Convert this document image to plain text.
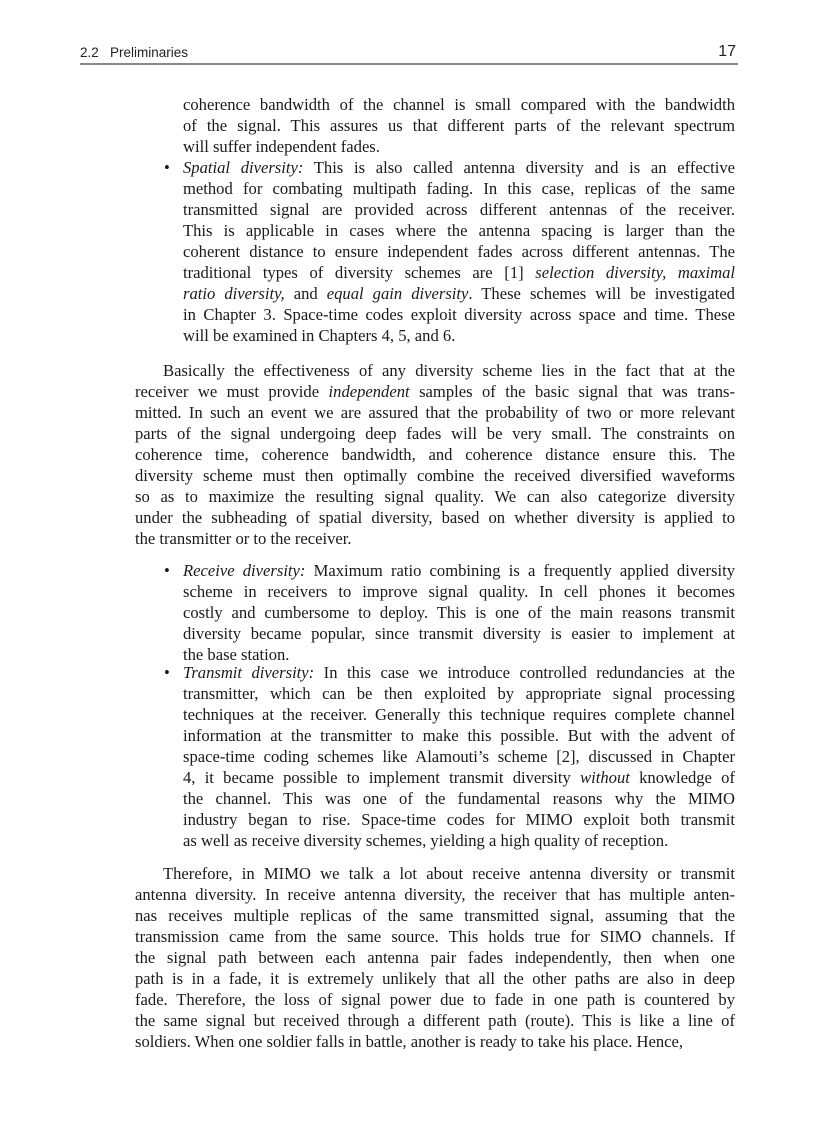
2.2   Preliminaries	17
coherence bandwidth of the channel is small compared with the bandwidth
of the signal. This assures us that different parts of the relevant spectrum
will suffer independent fades.
• Spatial diversity: This is also called antenna diversity and is an effective
method for combating multipath fading. In this case, replicas of the same
transmitted signal are provided across different antennas of the receiver.
This is applicable in cases where the antenna spacing is larger than the
coherent distance to ensure independent fades across different antennas. The
traditional types of diversity schemes are [1] selection diversity, maximal
ratio diversity, and equal gain diversity. These schemes will be investigated
in Chapter 3. Space-time codes exploit diversity across space and time. These
will be examined in Chapters 4, 5, and 6.
Basically the effectiveness of any diversity scheme lies in the fact that at the
receiver we must provide independent samples of the basic signal that was trans-
mitted. In such an event we are assured that the probability of two or more relevant
parts of the signal undergoing deep fades will be very small. The constraints on
coherence time, coherence bandwidth, and coherence distance ensure this. The
diversity scheme must then optimally combine the received diversified waveforms
so as to maximize the resulting signal quality. We can also categorize diversity
under the subheading of spatial diversity, based on whether diversity is applied to
the transmitter or to the receiver.
• Receive diversity: Maximum ratio combining is a frequently applied diversity
scheme in receivers to improve signal quality. In cell phones it becomes
costly and cumbersome to deploy. This is one of the main reasons transmit
diversity became popular, since transmit diversity is easier to implement at
the base station.
• Transmit diversity: In this case we introduce controlled redundancies at the
transmitter, which can be then exploited by appropriate signal processing
techniques at the receiver. Generally this technique requires complete channel
information at the transmitter to make this possible. But with the advent of
space-time coding schemes like Alamouti’s scheme [2], discussed in Chapter
4, it became possible to implement transmit diversity without knowledge of
the channel. This was one of the fundamental reasons why the MIMO
industry began to rise. Space-time codes for MIMO exploit both transmit
as well as receive diversity schemes, yielding a high quality of reception.
Therefore, in MIMO we talk a lot about receive antenna diversity or transmit
antenna diversity. In receive antenna diversity, the receiver that has multiple anten-
nas receives multiple replicas of the same transmitted signal, assuming that the
transmission came from the same source. This holds true for SIMO channels. If
the signal path between each antenna pair fades independently, then when one
path is in a fade, it is extremely unlikely that all the other paths are also in deep
fade. Therefore, the loss of signal power due to fade in one path is countered by
the same signal but received through a different path (route). This is like a line of
soldiers. When one soldier falls in battle, another is ready to take his place. Hence,
